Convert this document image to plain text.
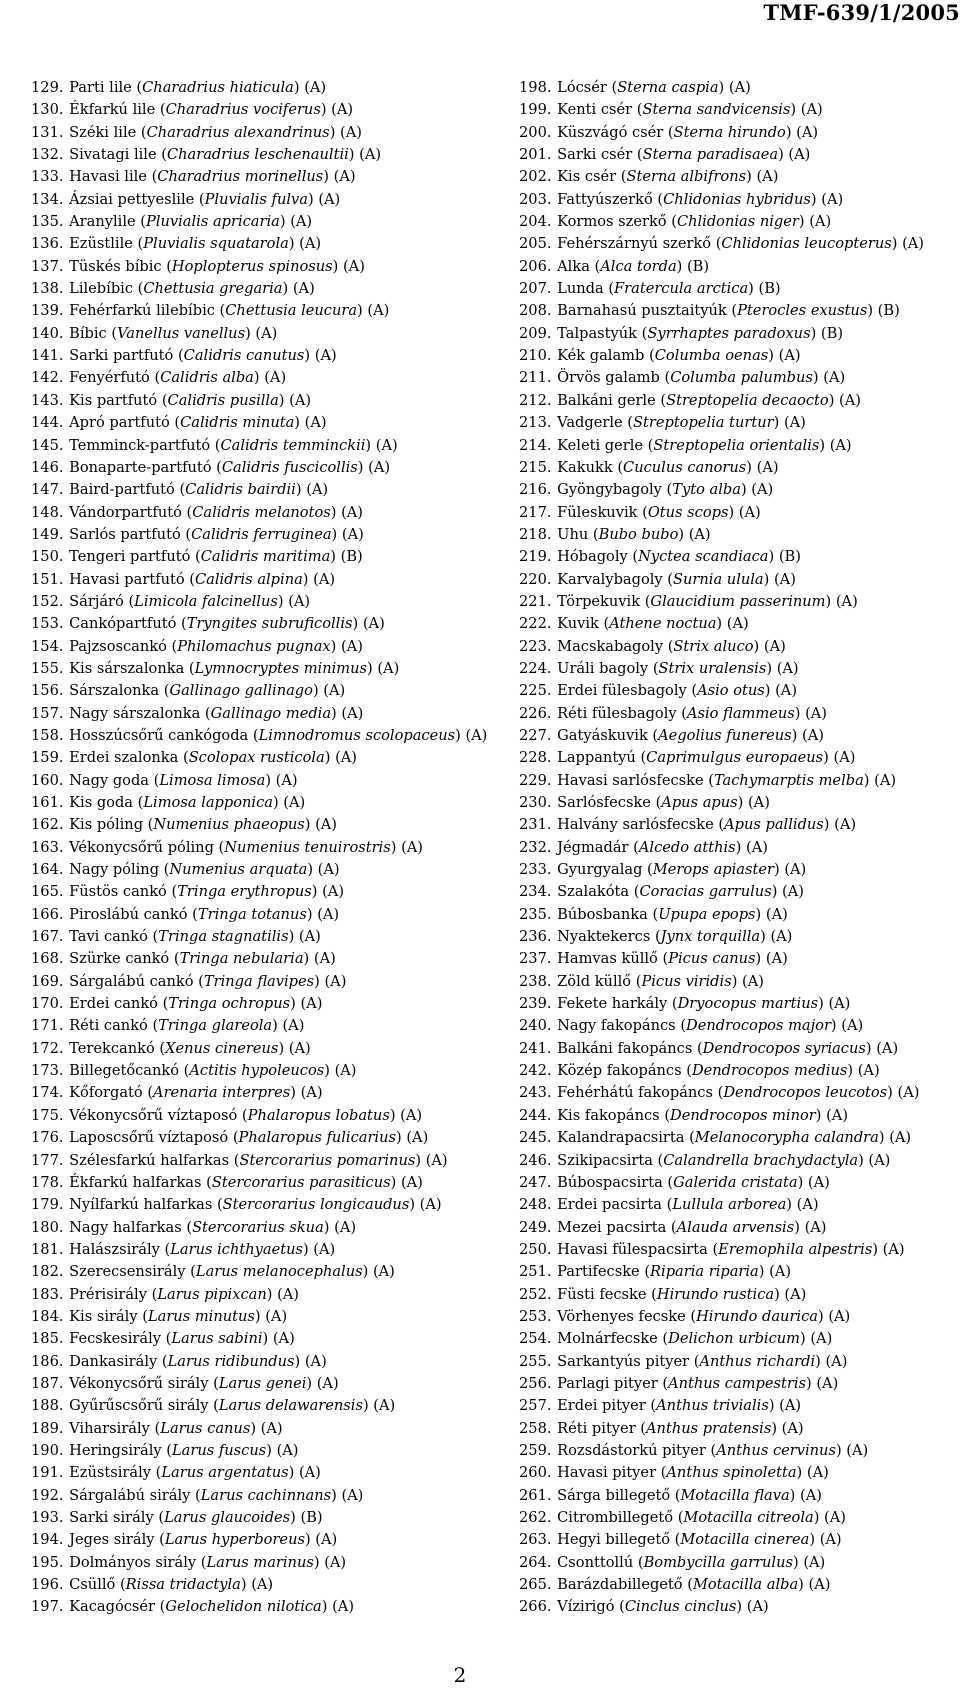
TMF-639/1/2005
129. Parti lile (Charadrius hiaticula) (A)
130. Ékfarkú lile (Charadrius vociferus) (A)
131. Széki lile (Charadrius alexandrinus) (A)
132. Sivatagi lile (Charadrius leschenaultii) (A)
133. Havasi lile (Charadrius morinellus) (A)
134. Ázsiai pettyeslile (Pluvialis fulva) (A)
135. Aranylile (Pluvialis apricaria) (A)
136. Ezüstlile (Pluvialis squatarola) (A)
137. Tüskés bíbic (Hoplopterus spinosus) (A)
138. Lilebíbic (Chettusia gregaria) (A)
139. Fehérfarkú lilebíbic (Chettusia leucura) (A)
140. Bíbic (Vanellus vanellus) (A)
141. Sarki partfutó (Calidris canutus) (A)
142. Fenyérfutó (Calidris alba) (A)
143. Kis partfutó (Calidris pusilla) (A)
144. Apró partfutó (Calidris minuta) (A)
145. Temminck-partfutó (Calidris temminckii) (A)
146. Bonaparte-partfutó (Calidris fuscicollis) (A)
147. Baird-partfutó (Calidris bairdii) (A)
148. Vándorpartfutó (Calidris melanotos) (A)
149. Sarlós partfutó (Calidris ferruginea) (A)
150. Tengeri partfutó (Calidris maritima) (B)
151. Havasi partfutó (Calidris alpina) (A)
152. Sárjáró (Limicola falcinellus) (A)
153. Cankópartfutó (Tryngites subruficollis) (A)
154. Pajzsoscankó (Philomachus pugnax) (A)
155. Kis sárszalonka (Lymnocryptes minimus) (A)
156. Sárszalonka (Gallinago gallinago) (A)
157. Nagy sárszalonka (Gallinago media) (A)
158. Hosszúcsőrű cankógoda (Limnodromus scolopaceus) (A)
159. Erdei szalonka (Scolopax rusticola) (A)
160. Nagy goda (Limosa limosa) (A)
161. Kis goda (Limosa lapponica) (A)
162. Kis póling (Numenius phaeopus) (A)
163. Vékonycsőrű póling (Numenius tenuirostris) (A)
164. Nagy póling (Numenius arquata) (A)
165. Füstös cankó (Tringa erythropus) (A)
166. Piroslábú cankó (Tringa totanus) (A)
167. Tavi cankó (Tringa stagnatilis) (A)
168. Szürke cankó (Tringa nebularia) (A)
169. Sárgalábú cankó (Tringa flavipes) (A)
170. Erdei cankó (Tringa ochropus) (A)
171. Réti cankó (Tringa glareola) (A)
172. Terekcankó (Xenus cinereus) (A)
173. Billegetőcankó (Actitis hypoleucos) (A)
174. Kőforgató (Arenaria interpres) (A)
175. Vékonycsőrű víztaposó (Phalaropus lobatus) (A)
176. Laposcsőrű víztaposó (Phalaropus fulicarius) (A)
177. Szélesfarkú halfarkas (Stercorarius pomarinus) (A)
178. Ékfarkú halfarkas (Stercorarius parasiticus) (A)
179. Nyílfarkú halfarkas (Stercorarius longicaudus) (A)
180. Nagy halfarkas (Stercorarius skua) (A)
181. Halászsirály (Larus ichthyaetus) (A)
182. Szerecsensirály (Larus melanocephalus) (A)
183. Prérisirály (Larus pipixcan) (A)
184. Kis sirály (Larus minutus) (A)
185. Fecskesirály (Larus sabini) (A)
186. Dankasirály (Larus ridibundus) (A)
187. Vékonycsőrű sirály (Larus genei) (A)
188. Gyűrűscsőrű sirály (Larus delawarensis) (A)
189. Viharsirály (Larus canus) (A)
190. Heringsirály (Larus fuscus) (A)
191. Ezüstsirály (Larus argentatus) (A)
192. Sárgalábú sirály (Larus cachinnans) (A)
193. Sarki sirály (Larus glaucoides) (B)
194. Jeges sirály (Larus hyperboreus) (A)
195. Dolmányos sirály (Larus marinus) (A)
196. Csüllő (Rissa tridactyla) (A)
197. Kacagócsér (Gelochelidon nilotica) (A)
198. Lócsér (Sterna caspia) (A)
199. Kenti csér (Sterna sandvicensis) (A)
200. Küszvágó csér (Sterna hirundo) (A)
201. Sarki csér (Sterna paradisaea) (A)
202. Kis csér (Sterna albifrons) (A)
203. Fattyúszerkő (Chlidonias hybridus) (A)
204. Kormos szerkő (Chlidonias niger) (A)
205. Fehérszárnyú szerkő (Chlidonias leucopterus) (A)
206. Alka (Alca torda) (B)
207. Lunda (Fratercula arctica) (B)
208. Barnahasú pusztaityúk (Pterocles exustus) (B)
209. Talpastyúk (Syrrhaptes paradoxus) (B)
210. Kék galamb (Columba oenas) (A)
211. Örvös galamb (Columba palumbus) (A)
212. Balkáni gerle (Streptopelia decaocto) (A)
213. Vadgerle (Streptopelia turtur) (A)
214. Keleti gerle (Streptopelia orientalis) (A)
215. Kakukk (Cuculus canorus) (A)
216. Gyöngybagoly (Tyto alba) (A)
217. Füleskuvik (Otus scops) (A)
218. Uhu (Bubo bubo) (A)
219. Hóbagoly (Nyctea scandiaca) (B)
220. Karvalybagoly (Surnia ulula) (A)
221. Törpekuvik (Glaucidium passerinum) (A)
222. Kuvik (Athene noctua) (A)
223. Macskabagoly (Strix aluco) (A)
224. Uráli bagoly (Strix uralensis) (A)
225. Erdei fülesbagoly (Asio otus) (A)
226. Réti fülesbagoly (Asio flammeus) (A)
227. Gatyáskuvik (Aegolius funereus) (A)
228. Lappantyú (Caprimulgus europaeus) (A)
229. Havasi sarlósfecske (Tachymarptis melba) (A)
230. Sarlósfecske (Apus apus) (A)
231. Halvány sarlósfecske (Apus pallidus) (A)
232. Jégmadár (Alcedo atthis) (A)
233. Gyurgyalag (Merops apiaster) (A)
234. Szalakóta (Coracias garrulus) (A)
235. Búbosbanka (Upupa epops) (A)
236. Nyaktekercs (Jynx torquilla) (A)
237. Hamvas küllő (Picus canus) (A)
238. Zöld küllő (Picus viridis) (A)
239. Fekete harkály (Dryocopus martius) (A)
240. Nagy fakopáncs (Dendrocopos major) (A)
241. Balkáni fakopáncs (Dendrocopos syriacus) (A)
242. Közép fakopáncs (Dendrocopos medius) (A)
243. Fehérhátú fakopáncs (Dendrocopos leucotos) (A)
244. Kis fakopáncs (Dendrocopos minor) (A)
245. Kalandrapacsirta (Melanocorypha calandra) (A)
246. Szikipacsirta (Calandrella brachydactyla) (A)
247. Búbospacsirta (Galerida cristata) (A)
248. Erdei pacsirta (Lullula arborea) (A)
249. Mezei pacsirta (Alauda arvensis) (A)
250. Havasi fülespacsirta (Eremophila alpestris) (A)
251. Partifecske (Riparia riparia) (A)
252. Füsti fecske (Hirundo rustica) (A)
253. Vörhenyes fecske (Hirundo daurica) (A)
254. Molnárfecske (Delichon urbicum) (A)
255. Sarkantyús pityer (Anthus richardi) (A)
256. Parlagi pityer (Anthus campestris) (A)
257. Erdei pityer (Anthus trivialis) (A)
258. Réti pityer (Anthus pratensis) (A)
259. Rozsdástorkú pityer (Anthus cervinus) (A)
260. Havasi pityer (Anthus spinoletta) (A)
261. Sárga billegető (Motacilla flava) (A)
262. Citrombillegető (Motacilla citreola) (A)
263. Hegyi billegető (Motacilla cinerea) (A)
264. Csonttollú (Bombycilla garrulus) (A)
265. Barázdabillegető (Motacilla alba) (A)
266. Vízirigó (Cinclus cinclus) (A)
2
